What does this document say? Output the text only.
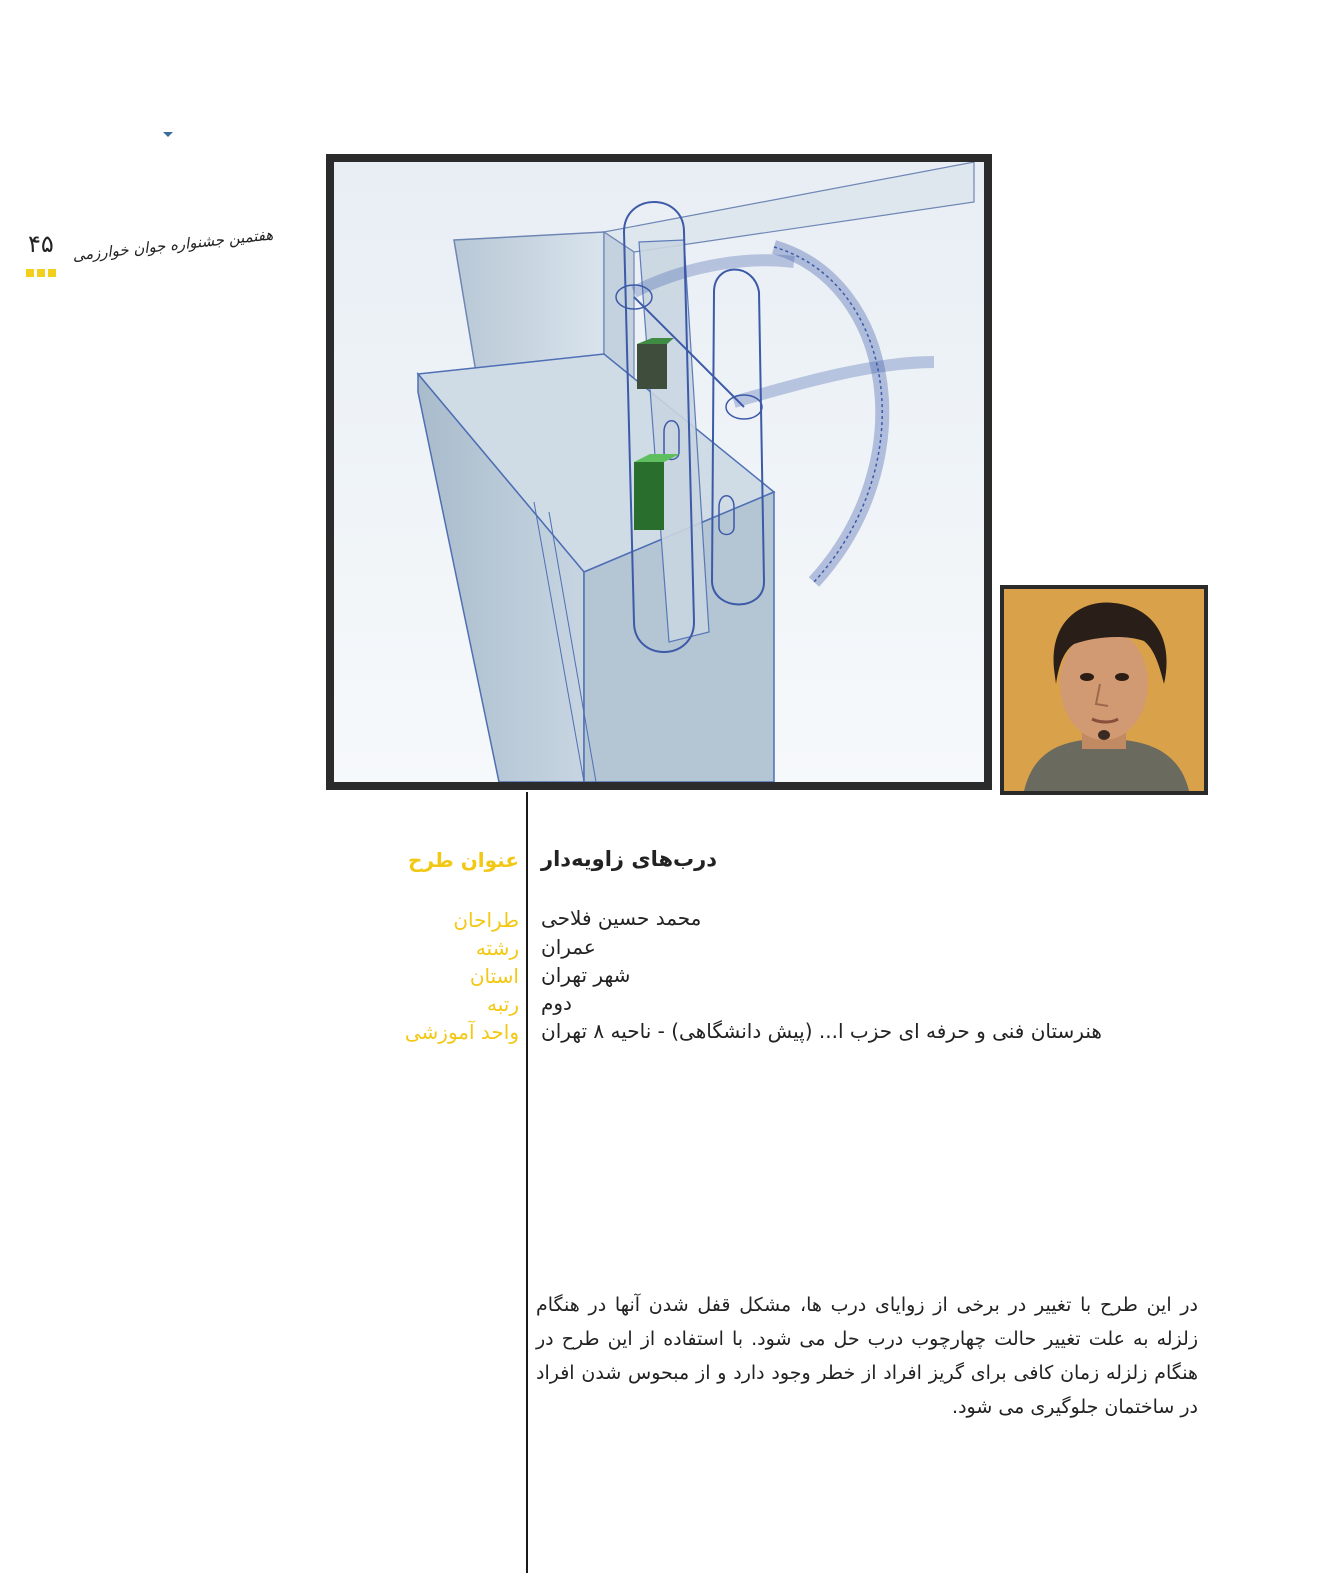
۴۵ هفتمین جشنواره جوان خوارزمی
عنوان طرح درب‌های زاویه‌دار
طراحان محمد حسین فلاحی
رشته عمران
استان شهر تهران
رتبه دوم
واحد آموزشی هنرستان فنی و حرفه ای حزب ا... (پیش دانشگاهی) - ناحیه ۸ تهران
در این طرح با تغییر در برخی از زوایای درب ها، مشکل قفل شدن آنها در هنگام زلزله به علت تغییر حالت چهارچوب درب حل می شود. با استفاده از این طرح در هنگام زلزله زمان کافی برای گریز افراد از خطر وجود دارد و از مبحوس شدن افراد در ساختمان جلوگیری می شود.
